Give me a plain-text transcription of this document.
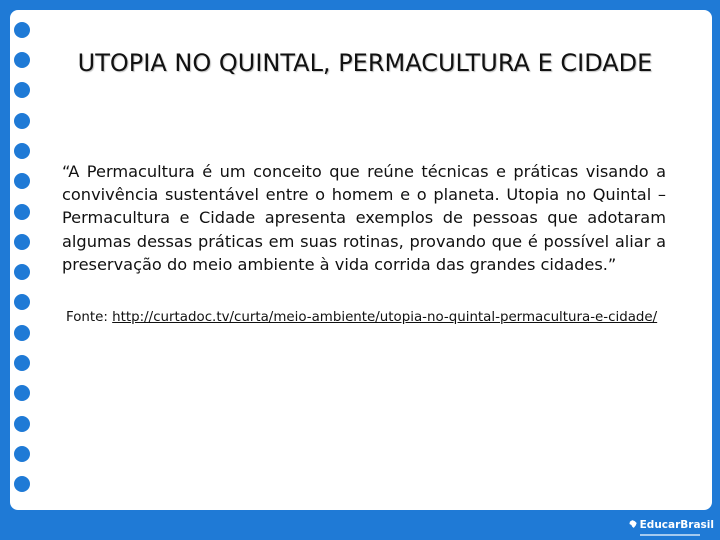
UTOPIA NO QUINTAL, PERMACULTURA E CIDADE
“A Permacultura é um conceito que reúne técnicas e práticas visando a convivência sustentável entre o homem e o planeta. Utopia no Quintal – Permacultura e Cidade apresenta exemplos de pessoas que adotaram algumas dessas práticas em suas rotinas, provando que é possível aliar a preservação do meio ambiente à vida corrida das grandes cidades.”
Fonte: http://curtadoc.tv/curta/meio-ambiente/utopia-no-quintal-permacultura-e-cidade/
EducarBrasil
